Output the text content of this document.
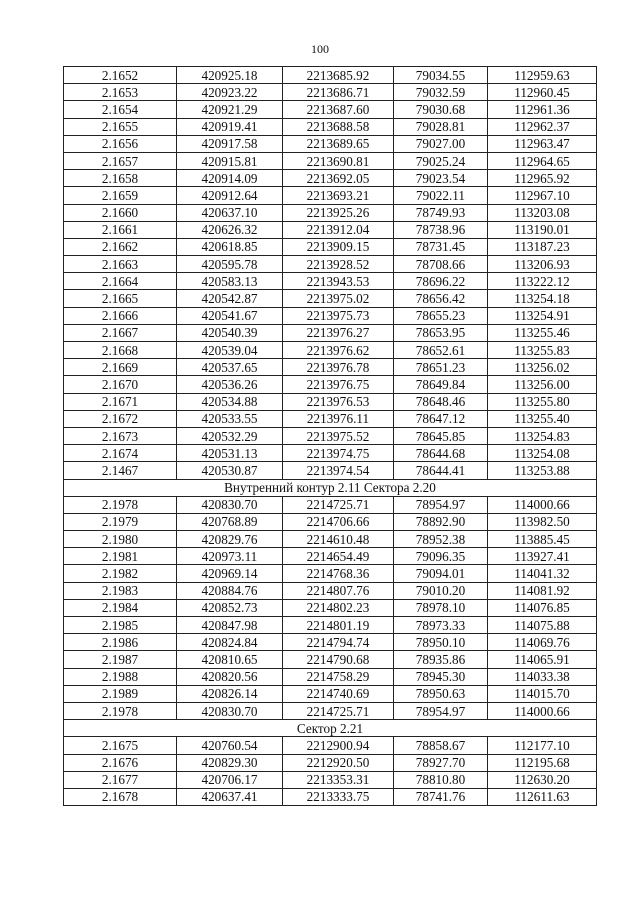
100
2.1652	420925.18	2213685.92	79034.55	112959.63
2.1653	420923.22	2213686.71	79032.59	112960.45
2.1654	420921.29	2213687.60	79030.68	112961.36
2.1655	420919.41	2213688.58	79028.81	112962.37
2.1656	420917.58	2213689.65	79027.00	112963.47
2.1657	420915.81	2213690.81	79025.24	112964.65
2.1658	420914.09	2213692.05	79023.54	112965.92
2.1659	420912.64	2213693.21	79022.11	112967.10
2.1660	420637.10	2213925.26	78749.93	113203.08
2.1661	420626.32	2213912.04	78738.96	113190.01
2.1662	420618.85	2213909.15	78731.45	113187.23
2.1663	420595.78	2213928.52	78708.66	113206.93
2.1664	420583.13	2213943.53	78696.22	113222.12
2.1665	420542.87	2213975.02	78656.42	113254.18
2.1666	420541.67	2213975.73	78655.23	113254.91
2.1667	420540.39	2213976.27	78653.95	113255.46
2.1668	420539.04	2213976.62	78652.61	113255.83
2.1669	420537.65	2213976.78	78651.23	113256.02
2.1670	420536.26	2213976.75	78649.84	113256.00
2.1671	420534.88	2213976.53	78648.46	113255.80
2.1672	420533.55	2213976.11	78647.12	113255.40
2.1673	420532.29	2213975.52	78645.85	113254.83
2.1674	420531.13	2213974.75	78644.68	113254.08
2.1467	420530.87	2213974.54	78644.41	113253.88
Внутренний контур 2.11 Сектора 2.20				
2.1978	420830.70	2214725.71	78954.97	114000.66
2.1979	420768.89	2214706.66	78892.90	113982.50
2.1980	420829.76	2214610.48	78952.38	113885.45
2.1981	420973.11	2214654.49	79096.35	113927.41
2.1982	420969.14	2214768.36	79094.01	114041.32
2.1983	420884.76	2214807.76	79010.20	114081.92
2.1984	420852.73	2214802.23	78978.10	114076.85
2.1985	420847.98	2214801.19	78973.33	114075.88
2.1986	420824.84	2214794.74	78950.10	114069.76
2.1987	420810.65	2214790.68	78935.86	114065.91
2.1988	420820.56	2214758.29	78945.30	114033.38
2.1989	420826.14	2214740.69	78950.63	114015.70
2.1978	420830.70	2214725.71	78954.97	114000.66
Сектор 2.21				
2.1675	420760.54	2212900.94	78858.67	112177.10
2.1676	420829.30	2212920.50	78927.70	112195.68
2.1677	420706.17	2213353.31	78810.80	112630.20
2.1678	420637.41	2213333.75	78741.76	112611.63
